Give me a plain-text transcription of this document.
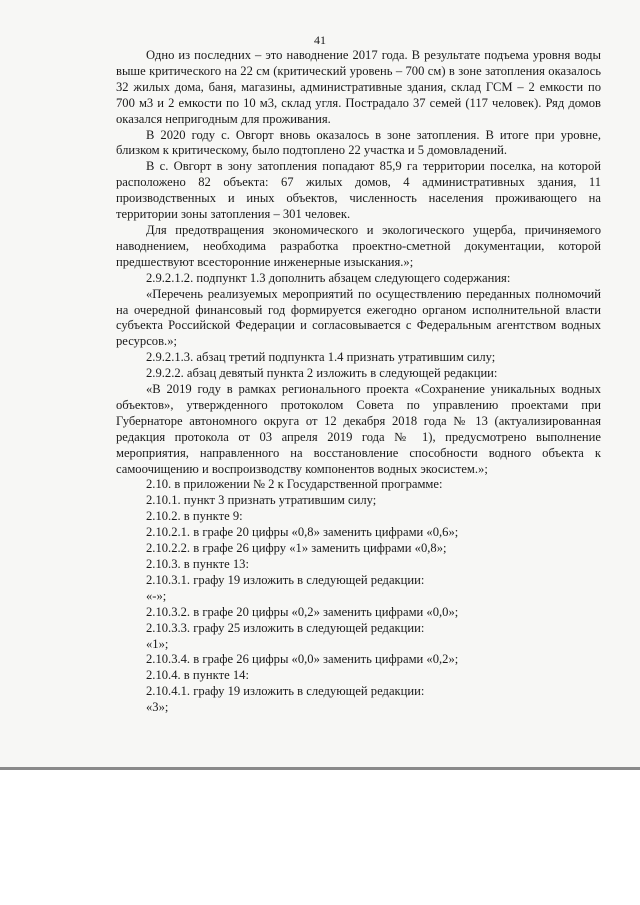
41

Одно из последних – это наводнение 2017 года. В результате подъема уровня воды выше критического на 22 см (критический уровень – 700 см) в зоне затопления оказалось 32 жилых дома, баня, магазины, административные здания, склад ГСМ – 2 емкости по 700 м3 и 2 емкости по 10 м3, склад угля. Пострадало 37 семей (117 человек). Ряд домов оказался непригодным для проживания.

В 2020 году с. Овгорт вновь оказалось в зоне затопления. В итоге при уровне, близком к критическому, было подтоплено 22 участка и 5 домовладений.

В с. Овгорт в зону затопления попадают 85,9 га территории поселка, на которой расположено 82 объекта: 67 жилых домов, 4 административных здания, 11 производственных и иных объектов, численность населения проживающего на территории зоны затопления – 301 человек.

Для предотвращения экономического и экологического ущерба, причиняемого наводнением, необходима разработка проектно-сметной документации, которой предшествуют всесторонние инженерные изыскания.»;

2.9.2.1.2. подпункт 1.3 дополнить абзацем следующего содержания:

«Перечень реализуемых мероприятий по осуществлению переданных полномочий на очередной финансовый год формируется ежегодно органом исполнительной власти субъекта Российской Федерации и согласовывается с Федеральным агентством водных ресурсов.»;

2.9.2.1.3. абзац третий подпункта 1.4 признать утратившим силу;

2.9.2.2. абзац девятый пункта 2 изложить в следующей редакции:

«В 2019 году в рамках регионального проекта «Сохранение уникальных водных объектов», утвержденного протоколом Совета по управлению проектами при Губернаторе автономного округа от 12 декабря 2018 года № 13 (актуализированная редакция протокола от 03 апреля 2019 года № 1), предусмотрено выполнение мероприятия, направленного на восстановление способности водного объекта к самоочищению и воспроизводству компонентов водных экосистем.»;

2.10. в приложении № 2 к Государственной программе:

2.10.1. пункт 3 признать утратившим силу;

2.10.2. в пункте 9:

2.10.2.1. в графе 20 цифры «0,8» заменить цифрами «0,6»;

2.10.2.2. в графе 26 цифру «1» заменить цифрами «0,8»;

2.10.3. в пункте 13:

2.10.3.1. графу 19 изложить в следующей редакции:

«-»;

2.10.3.2. в графе 20 цифры «0,2» заменить цифрами «0,0»;

2.10.3.3. графу 25 изложить в следующей редакции:

«1»;

2.10.3.4. в графе 26 цифры «0,0» заменить цифрами «0,2»;

2.10.4. в пункте 14:

2.10.4.1. графу 19 изложить в следующей редакции:

«3»;
